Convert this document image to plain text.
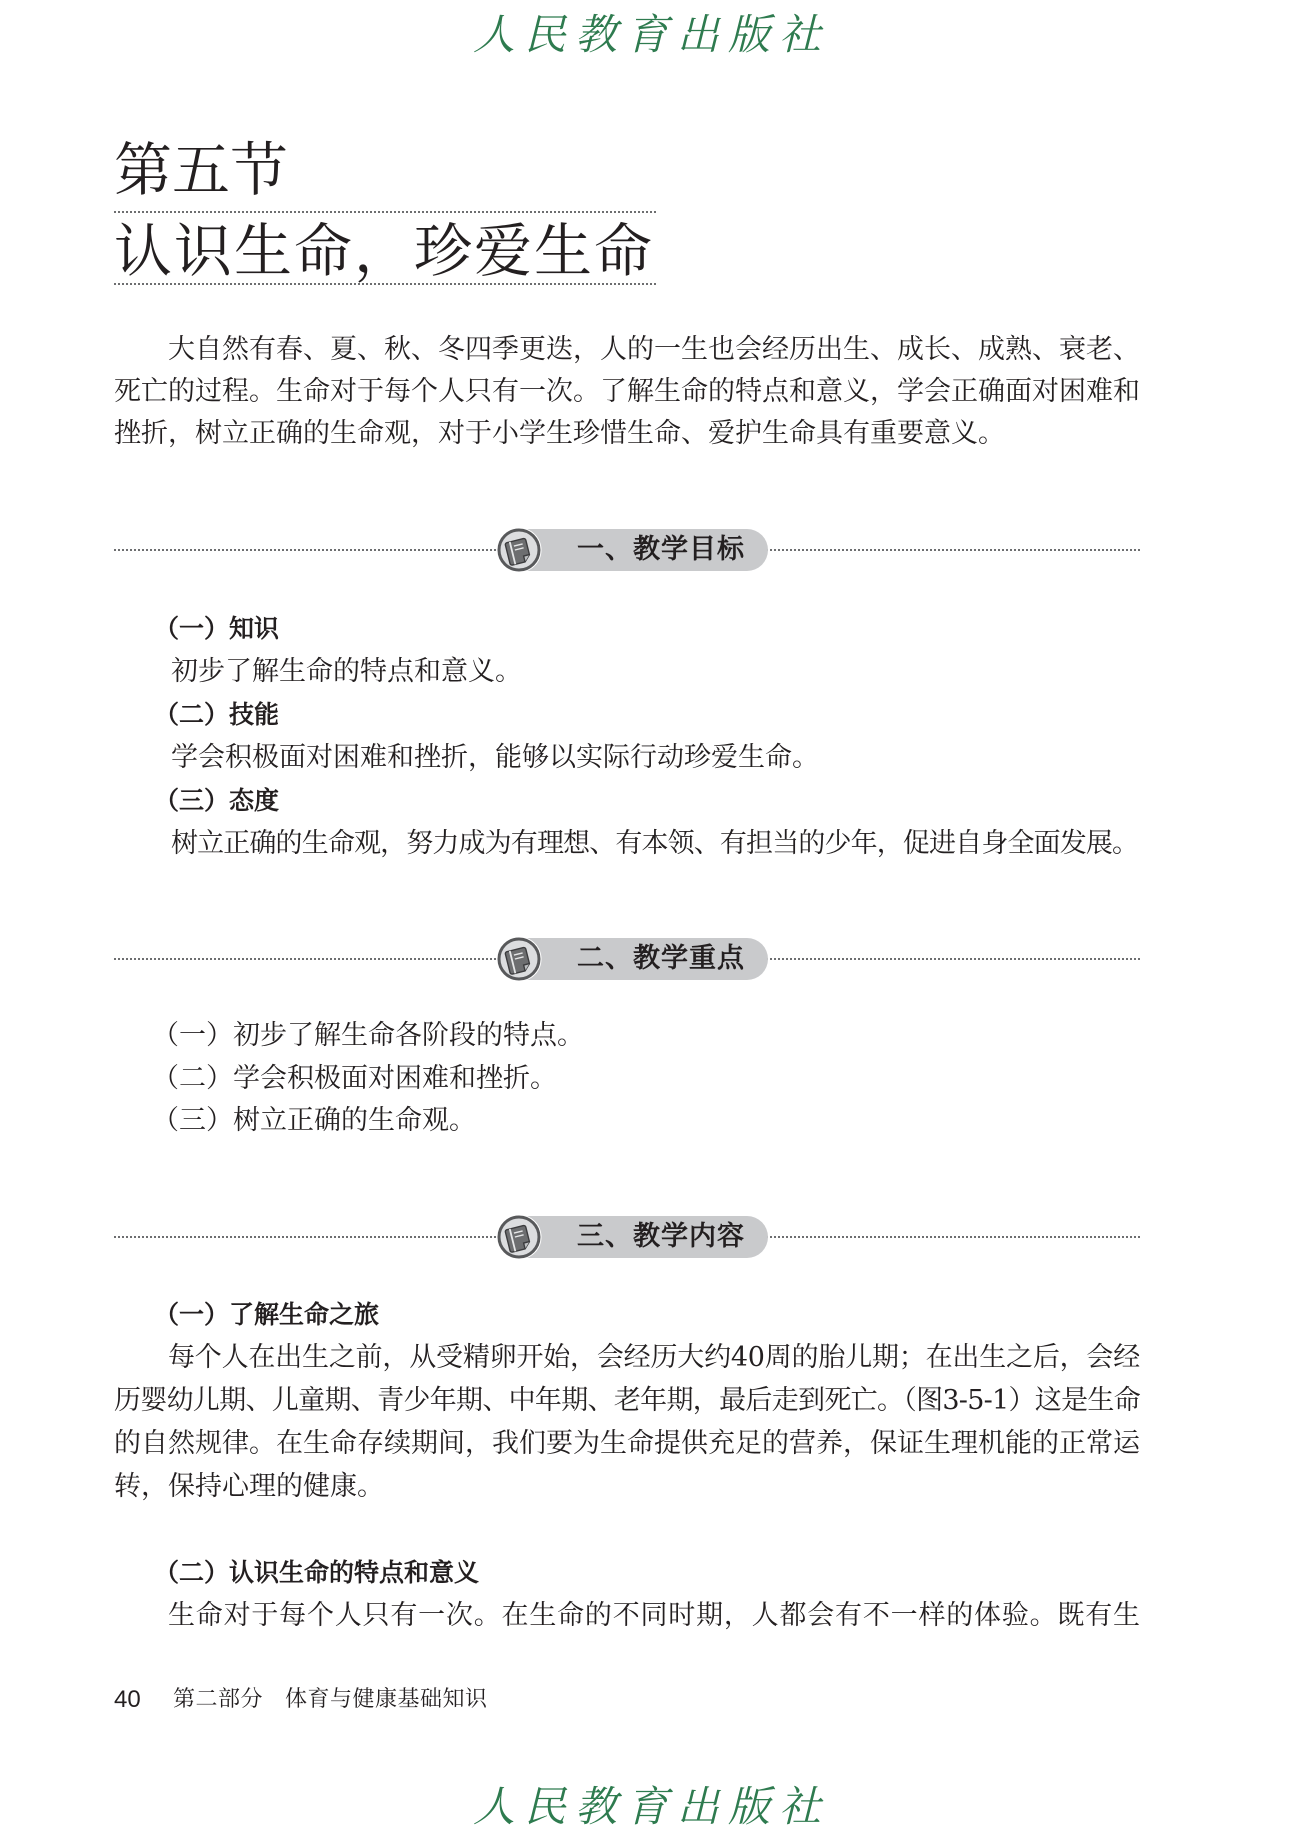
人民教育出版社
第五节
认识生命，珍爱生命
大自然有春、夏、秋、冬四季更迭，人的一生也会经历出生、成长、成熟、衰老、
死亡的过程。生命对于每个人只有一次。了解生命的特点和意义，学会正确面对困难和
挫折，树立正确的生命观，对于小学生珍惜生命、爱护生命具有重要意义。
一、教学目标
（一）知识
初步了解生命的特点和意义。
（二）技能
学会积极面对困难和挫折，能够以实际行动珍爱生命。
（三）态度
树立正确的生命观，努力成为有理想、有本领、有担当的少年，促进自身全面发展。
二、教学重点
（一）初步了解生命各阶段的特点。
（二）学会积极面对困难和挫折。
（三）树立正确的生命观。
三、教学内容
（一）了解生命之旅
每个人在出生之前，从受精卵开始，会经历大约40周的胎儿期；在出生之后，会经
历婴幼儿期、儿童期、青少年期、中年期、老年期，最后走到死亡。（图3-5-1）这是生命
的自然规律。在生命存续期间，我们要为生命提供充足的营养，保证生理机能的正常运
转，保持心理的健康。
（二）认识生命的特点和意义
生命对于每个人只有一次。在生命的不同时期，人都会有不一样的体验。既有生
40 第二部分 体育与健康基础知识
人民教育出版社
